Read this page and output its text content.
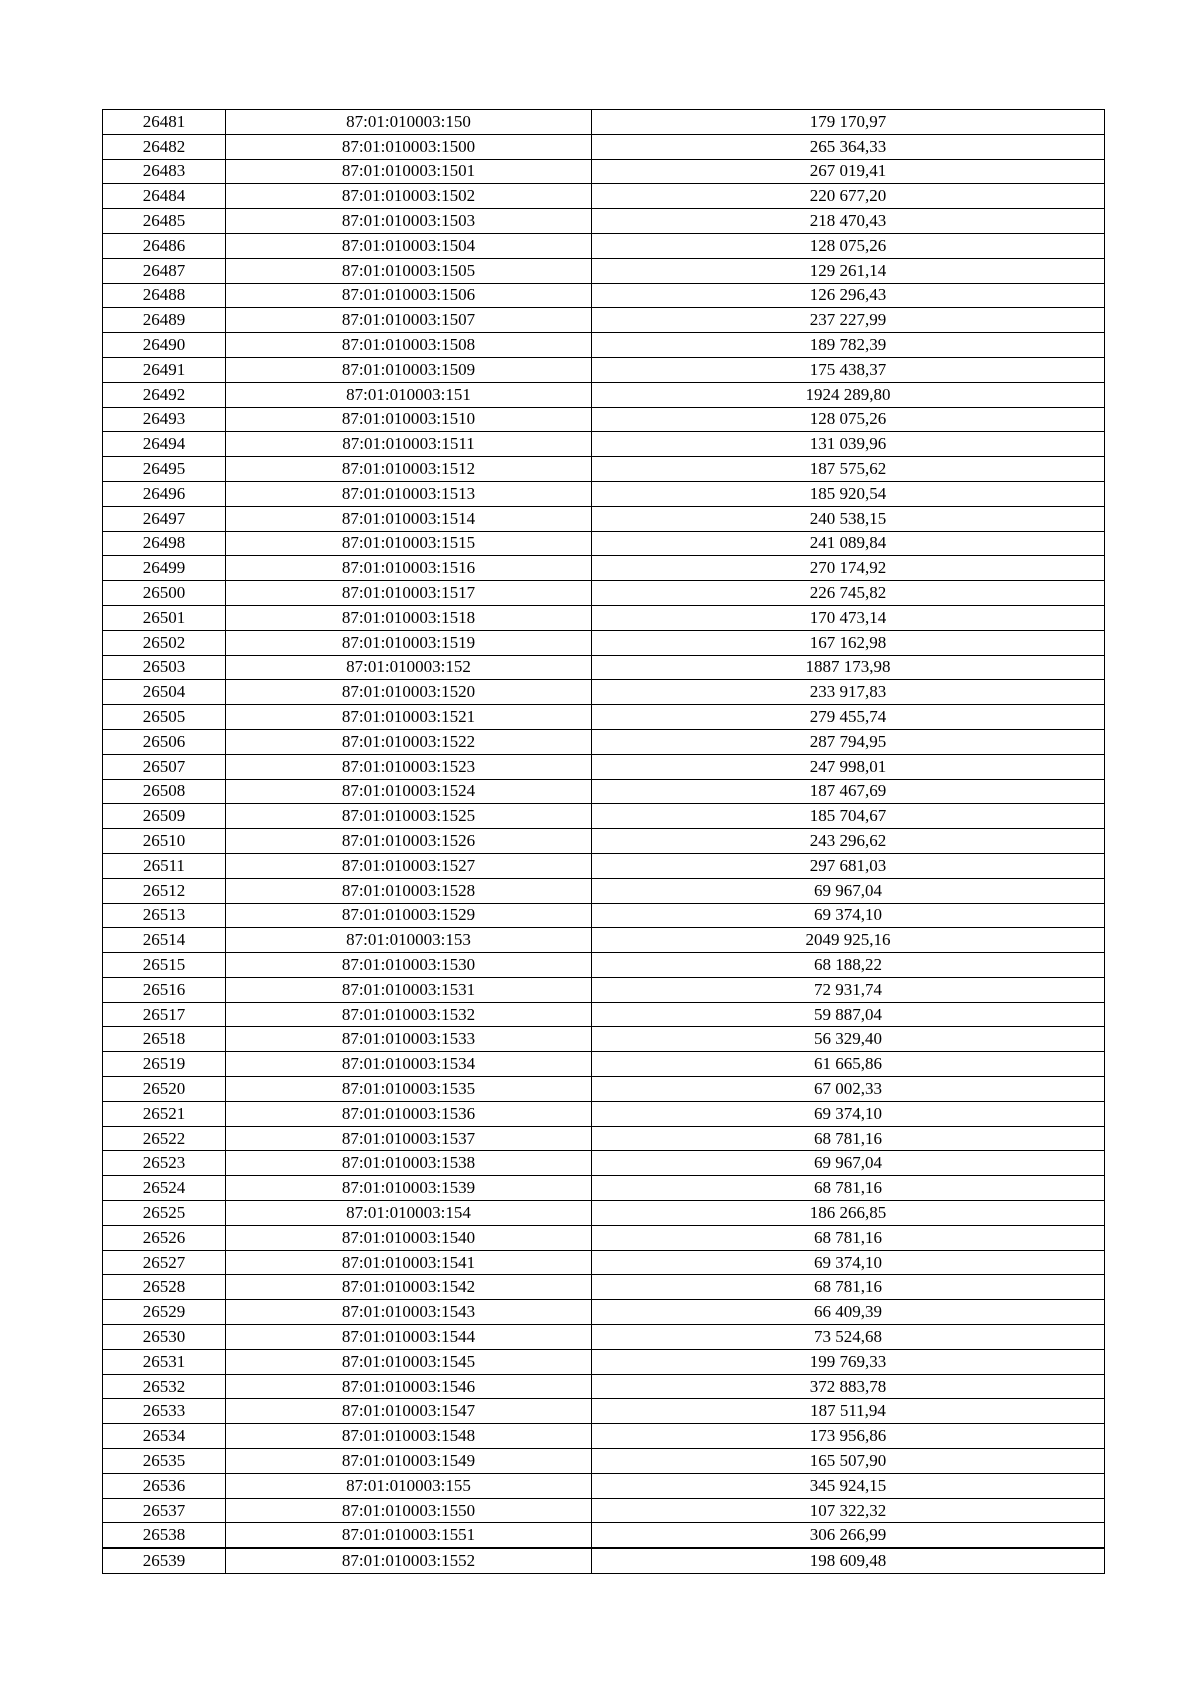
26481	87:01:010003:150	179 170,97
26482	87:01:010003:1500	265 364,33
26483	87:01:010003:1501	267 019,41
26484	87:01:010003:1502	220 677,20
26485	87:01:010003:1503	218 470,43
26486	87:01:010003:1504	128 075,26
26487	87:01:010003:1505	129 261,14
26488	87:01:010003:1506	126 296,43
26489	87:01:010003:1507	237 227,99
26490	87:01:010003:1508	189 782,39
26491	87:01:010003:1509	175 438,37
26492	87:01:010003:151	1924 289,80
26493	87:01:010003:1510	128 075,26
26494	87:01:010003:1511	131 039,96
26495	87:01:010003:1512	187 575,62
26496	87:01:010003:1513	185 920,54
26497	87:01:010003:1514	240 538,15
26498	87:01:010003:1515	241 089,84
26499	87:01:010003:1516	270 174,92
26500	87:01:010003:1517	226 745,82
26501	87:01:010003:1518	170 473,14
26502	87:01:010003:1519	167 162,98
26503	87:01:010003:152	1887 173,98
26504	87:01:010003:1520	233 917,83
26505	87:01:010003:1521	279 455,74
26506	87:01:010003:1522	287 794,95
26507	87:01:010003:1523	247 998,01
26508	87:01:010003:1524	187 467,69
26509	87:01:010003:1525	185 704,67
26510	87:01:010003:1526	243 296,62
26511	87:01:010003:1527	297 681,03
26512	87:01:010003:1528	69 967,04
26513	87:01:010003:1529	69 374,10
26514	87:01:010003:153	2049 925,16
26515	87:01:010003:1530	68 188,22
26516	87:01:010003:1531	72 931,74
26517	87:01:010003:1532	59 887,04
26518	87:01:010003:1533	56 329,40
26519	87:01:010003:1534	61 665,86
26520	87:01:010003:1535	67 002,33
26521	87:01:010003:1536	69 374,10
26522	87:01:010003:1537	68 781,16
26523	87:01:010003:1538	69 967,04
26524	87:01:010003:1539	68 781,16
26525	87:01:010003:154	186 266,85
26526	87:01:010003:1540	68 781,16
26527	87:01:010003:1541	69 374,10
26528	87:01:010003:1542	68 781,16
26529	87:01:010003:1543	66 409,39
26530	87:01:010003:1544	73 524,68
26531	87:01:010003:1545	199 769,33
26532	87:01:010003:1546	372 883,78
26533	87:01:010003:1547	187 511,94
26534	87:01:010003:1548	173 956,86
26535	87:01:010003:1549	165 507,90
26536	87:01:010003:155	345 924,15
26537	87:01:010003:1550	107 322,32
26538	87:01:010003:1551	306 266,99
26539	87:01:010003:1552	198 609,48
